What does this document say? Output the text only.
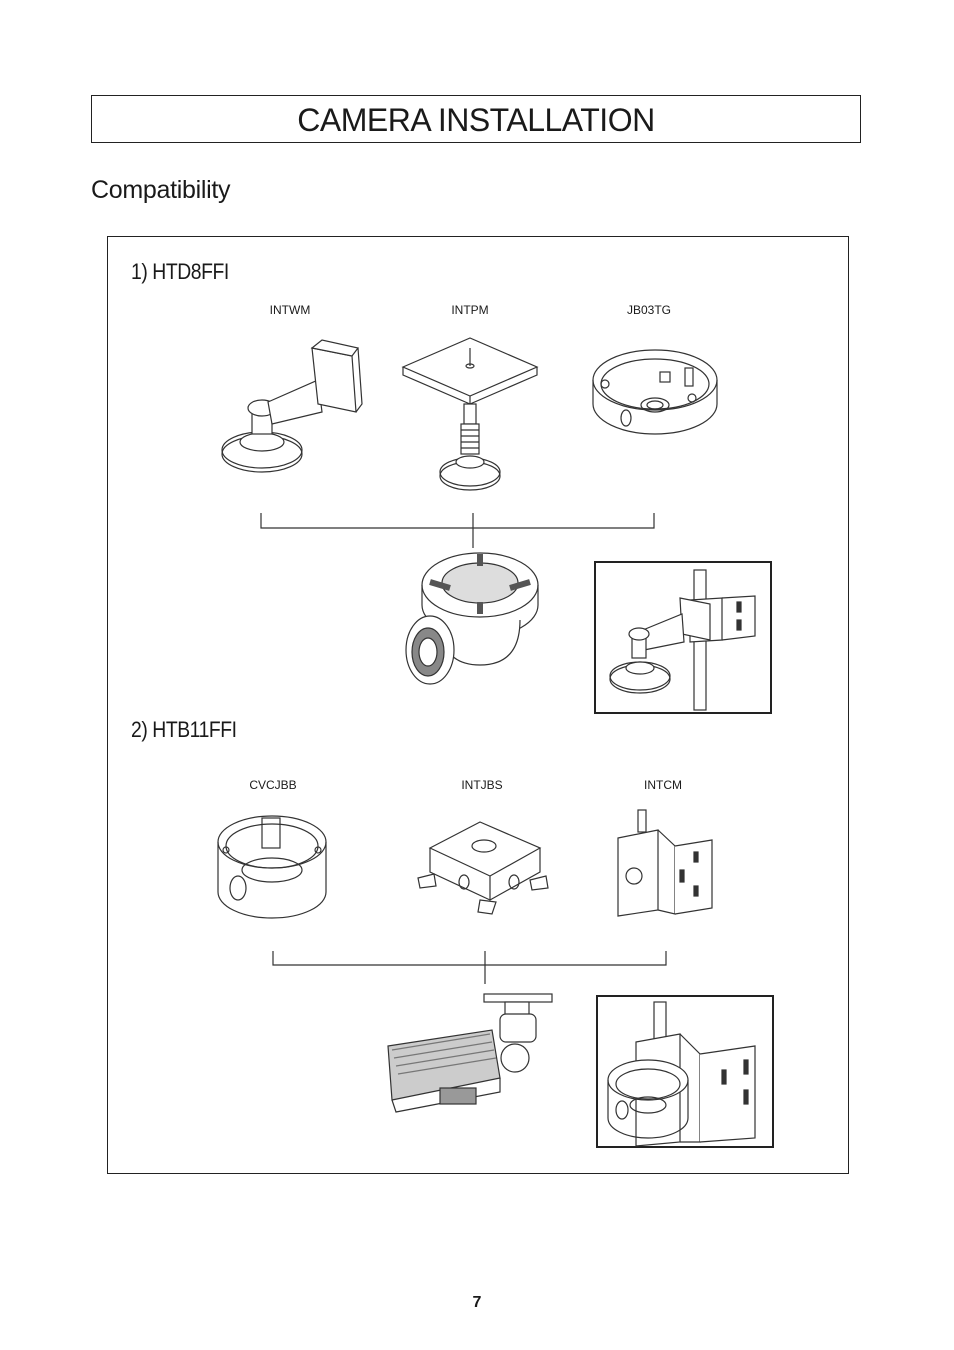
CAMERA INSTALLATION
Compatibility
1) HTD8FFI
2) HTB11FFI
INTWM	INTPM	JB03TG
CVCJBB	INTJBS	INTCM
7
